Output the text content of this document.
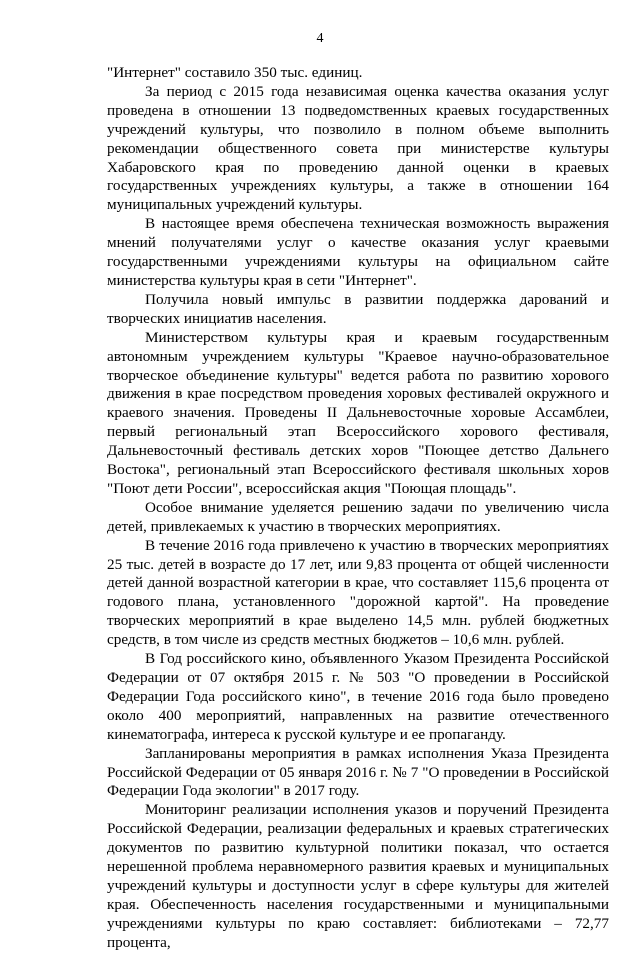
4

"Интернет" составило 350 тыс. единиц.

За период с 2015 года независимая оценка качества оказания услуг проведена в отношении 13 подведомственных краевых государственных учреждений культуры, что позволило в полном объеме выполнить рекомендации общественного совета при министерстве культуры Хабаровского края по проведению данной оценки в краевых государственных учреждениях культуры, а также в отношении 164 муниципальных учреждений культуры.

В настоящее время обеспечена техническая возможность выражения мнений получателями услуг о качестве оказания услуг краевыми государственными учреждениями культуры на официальном сайте министерства культуры края в сети "Интернет".

Получила новый импульс в развитии поддержка дарований и творческих инициатив населения.

Министерством культуры края и краевым государственным автономным учреждением культуры "Краевое научно-образовательное творческое объединение культуры" ведется работа по развитию хорового движения в крае посредством проведения хоровых фестивалей окружного и краевого значения. Проведены II Дальневосточные хоровые Ассамблеи, первый региональный этап Всероссийского хорового фестиваля, Дальневосточный фестиваль детских хоров "Поющее детство Дальнего Востока", региональный этап Всероссийского фестиваля школьных хоров "Поют дети России", всероссийская акция "Поющая площадь".

Особое внимание уделяется решению задачи по увеличению числа детей, привлекаемых к участию в творческих мероприятиях.

В течение 2016 года привлечено к участию в творческих мероприятиях 25 тыс. детей в возрасте до 17 лет, или 9,83 процента от общей численности детей данной возрастной категории в крае, что составляет 115,6 процента от годового плана, установленного "дорожной картой". На проведение творческих мероприятий в крае выделено 14,5 млн. рублей бюджетных средств, в том числе из средств местных бюджетов – 10,6 млн. рублей.

В Год российского кино, объявленного Указом Президента Российской Федерации от 07 октября 2015 г. № 503 "О проведении в Российской Федерации Года российского кино", в течение 2016 года было проведено около 400 мероприятий, направленных на развитие отечественного кинематографа, интереса к русской культуре и ее пропаганду.

Запланированы мероприятия в рамках исполнения Указа Президента Российской Федерации от 05 января 2016 г. № 7 "О проведении в Российской Федерации Года экологии" в 2017 году.

Мониторинг реализации исполнения указов и поручений Президента Российской Федерации, реализации федеральных и краевых стратегических документов по развитию культурной политики показал, что остается нерешенной проблема неравномерного развития краевых и муниципальных учреждений культуры и доступности услуг в сфере культуры для жителей края. Обеспеченность населения государственными и муниципальными учреждениями культуры по краю составляет: библиотеками – 72,77 процента,
